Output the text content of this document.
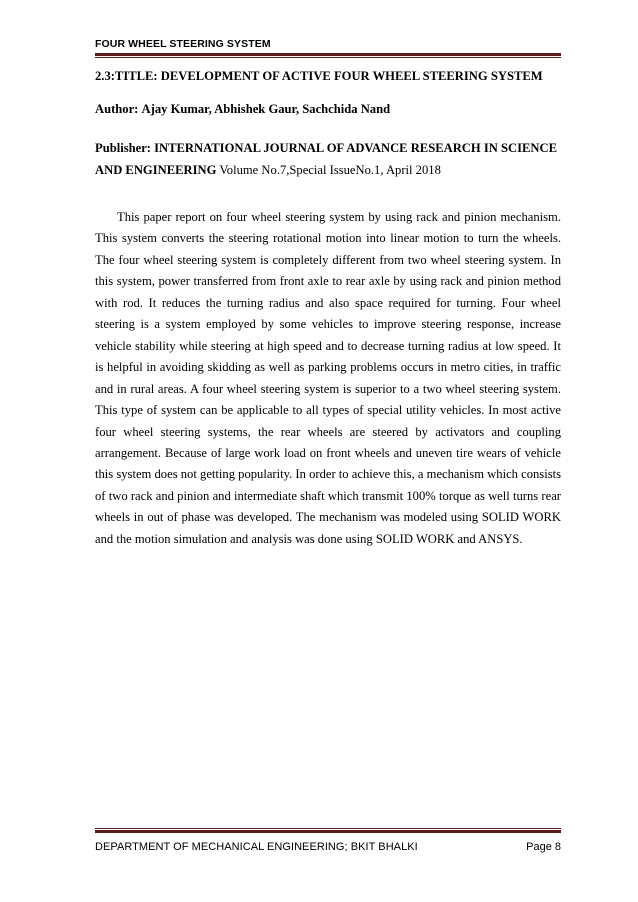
FOUR WHEEL STEERING SYSTEM
2.3:TITLE: DEVELOPMENT OF ACTIVE FOUR WHEEL STEERING SYSTEM
Author: Ajay Kumar, Abhishek Gaur, Sachchida Nand
Publisher: INTERNATIONAL JOURNAL OF ADVANCE RESEARCH IN SCIENCE AND ENGINEERING Volume No.7,Special IssueNo.1, April 2018

This paper report on four wheel steering system by using rack and pinion mechanism. This system converts the steering rotational motion into linear motion to turn the wheels. The four wheel steering system is completely different from two wheel steering system. In this system, power transferred from front axle to rear axle by using rack and pinion method with rod. It reduces the turning radius and also space required for turning. Four wheel steering is a system employed by some vehicles to improve steering response, increase vehicle stability while steering at high speed and to decrease turning radius at low speed. It is helpful in avoiding skidding as well as parking problems occurs in metro cities, in traffic and in rural areas. A four wheel steering system is superior to a two wheel steering system. This type of system can be applicable to all types of special utility vehicles. In most active four wheel steering systems, the rear wheels are steered by activators and coupling arrangement. Because of large work load on front wheels and uneven tire wears of vehicle this system does not getting popularity. In order to achieve this, a mechanism which consists of two rack and pinion and intermediate shaft which transmit 100% torque as well turns rear wheels in out of phase was developed. The mechanism was modeled using SOLID WORK and the motion simulation and analysis was done using SOLID WORK and ANSYS.

DEPARTMENT OF MECHANICAL ENGINEERING; BKIT BHALKI	Page 8
